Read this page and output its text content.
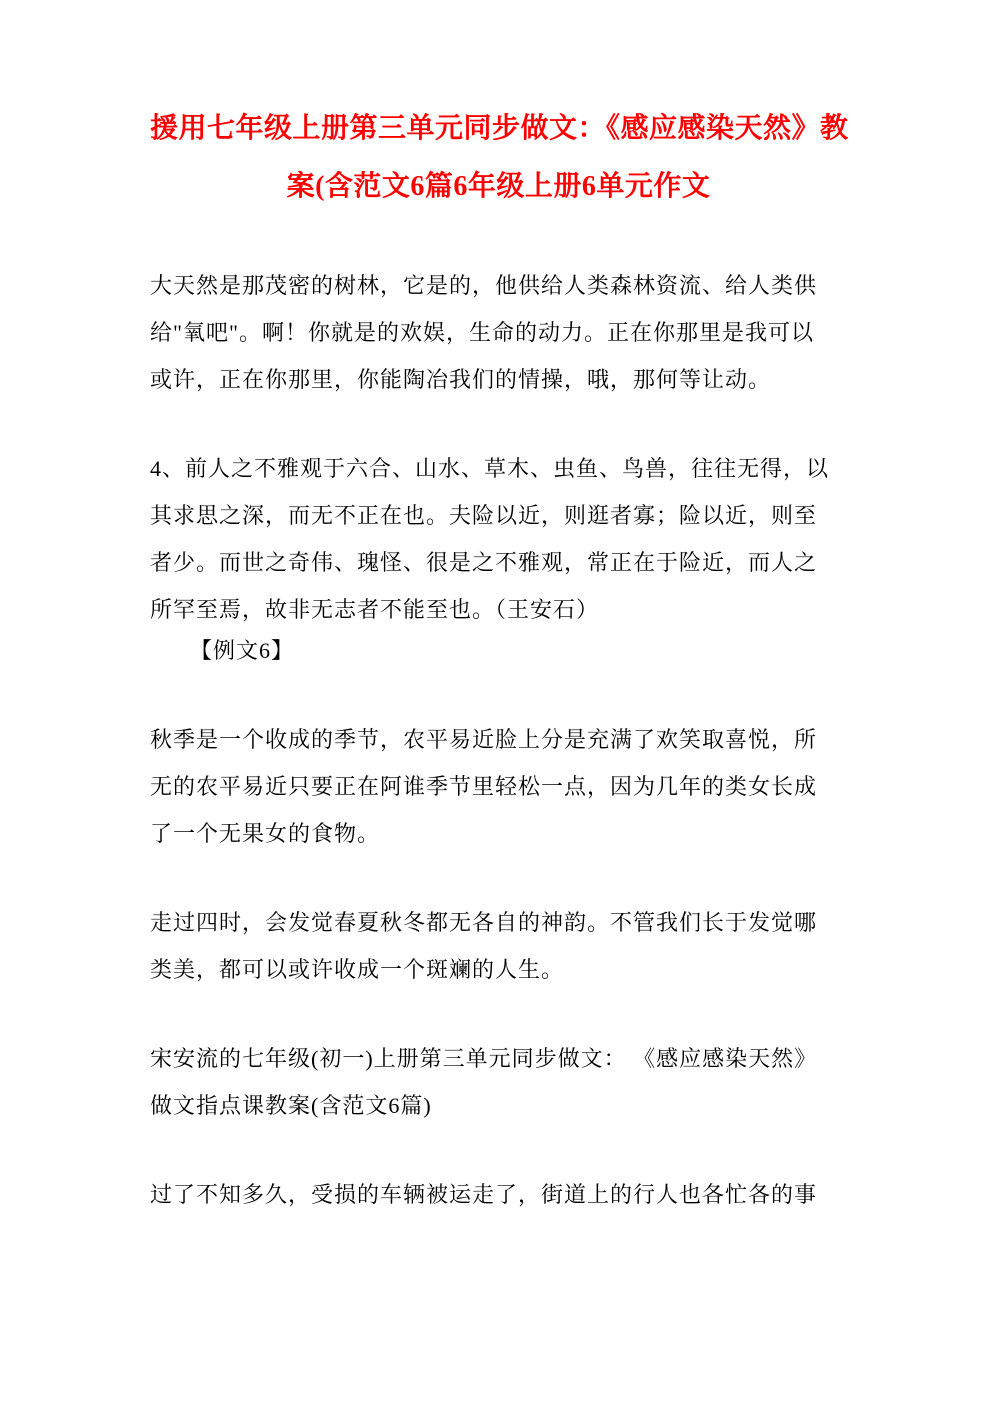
援用七年级上册第三单元同步做文：《感应感染天然》教
案(含范文6篇6年级上册6单元作文
大天然是那茂密的树林，它是的，他供给人类森林资流、给人类供
给"氧吧"。啊！你就是的欢娱，生命的动力。正在你那里是我可以
或许，正在你那里，你能陶冶我们的情操，哦，那何等让动。
4、前人之不雅观于六合、山水、草木、虫鱼、鸟兽，往往无得，以
其求思之深，而无不正在也。夫险以近，则逛者寡；险以近，则至
者少。而世之奇伟、瑰怪、很是之不雅观，常正在于险近，而人之
所罕至焉，故非无志者不能至也。（王安石）
【例文6】
秋季是一个收成的季节，农平易近脸上分是充满了欢笑取喜悦，所
无的农平易近只要正在阿谁季节里轻松一点，因为几年的类女长成
了一个无果女的食物。
走过四时，会发觉春夏秋冬都无各自的神韵。不管我们长于发觉哪
类美，都可以或许收成一个斑斓的人生。
宋安流的七年级(初一)上册第三单元同步做文： 《感应感染天然》
做文指点课教案(含范文6篇)
过了不知多久，受损的车辆被运走了，街道上的行人也各忙各的事
